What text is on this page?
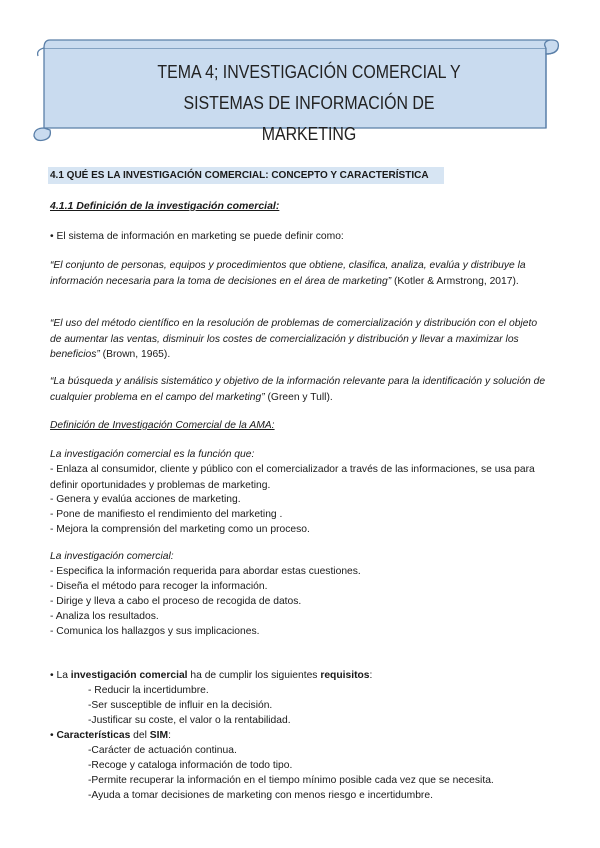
TEMA 4; INVESTIGACIÓN COMERCIAL Y SISTEMAS DE INFORMACIÓN DE
MARKETING
4.1 QUÉ ES LA INVESTIGACIÓN COMERCIAL: CONCEPTO Y CARACTERÍSTICA
4.1.1 Definición de la investigación comercial:
• El sistema de información en marketing se puede definir como:
“El conjunto de personas, equipos y procedimientos que obtiene, clasifica, analiza, evalúa y distribuye la información necesaria para la toma de decisiones en el área de marketing” (Kotler & Armstrong, 2017).
“El uso del método científico en la resolución de problemas de comercialización y distribución con el objeto de aumentar las ventas, disminuir los costes de comercialización y distribución y llevar a maximizar los beneficios” (Brown, 1965).
“La búsqueda y análisis sistemático y objetivo de la información relevante para la identificación y solución de cualquier problema en el campo del marketing” (Green y Tull).
Definición de Investigación Comercial de la AMA:
La investigación comercial es la función que:
- Enlaza al consumidor, cliente y público con el comercializador a través de las informaciones, se usa para definir oportunidades y problemas de marketing.
- Genera y evalúa acciones de marketing.
- Pone de manifiesto el rendimiento del marketing .
- Mejora la comprensión del marketing como un proceso.
La investigación comercial:
- Especifica la información requerida para abordar estas cuestiones.
- Diseña el método para recoger la información.
- Dirige y lleva a cabo el proceso de recogida de datos.
- Analiza los resultados.
- Comunica los hallazgos y sus implicaciones.
• La investigación comercial ha de cumplir los siguientes requisitos:
- Reducir la incertidumbre.
-Ser susceptible de influir en la decisión.
-Justificar su coste, el valor o la rentabilidad.
• Características del SIM:
-Carácter de actuación continua.
-Recoge y cataloga información de todo tipo.
-Permite recuperar la información en el tiempo mínimo posible cada vez que se necesita.
-Ayuda a tomar decisiones de marketing con menos riesgo e incertidumbre.
